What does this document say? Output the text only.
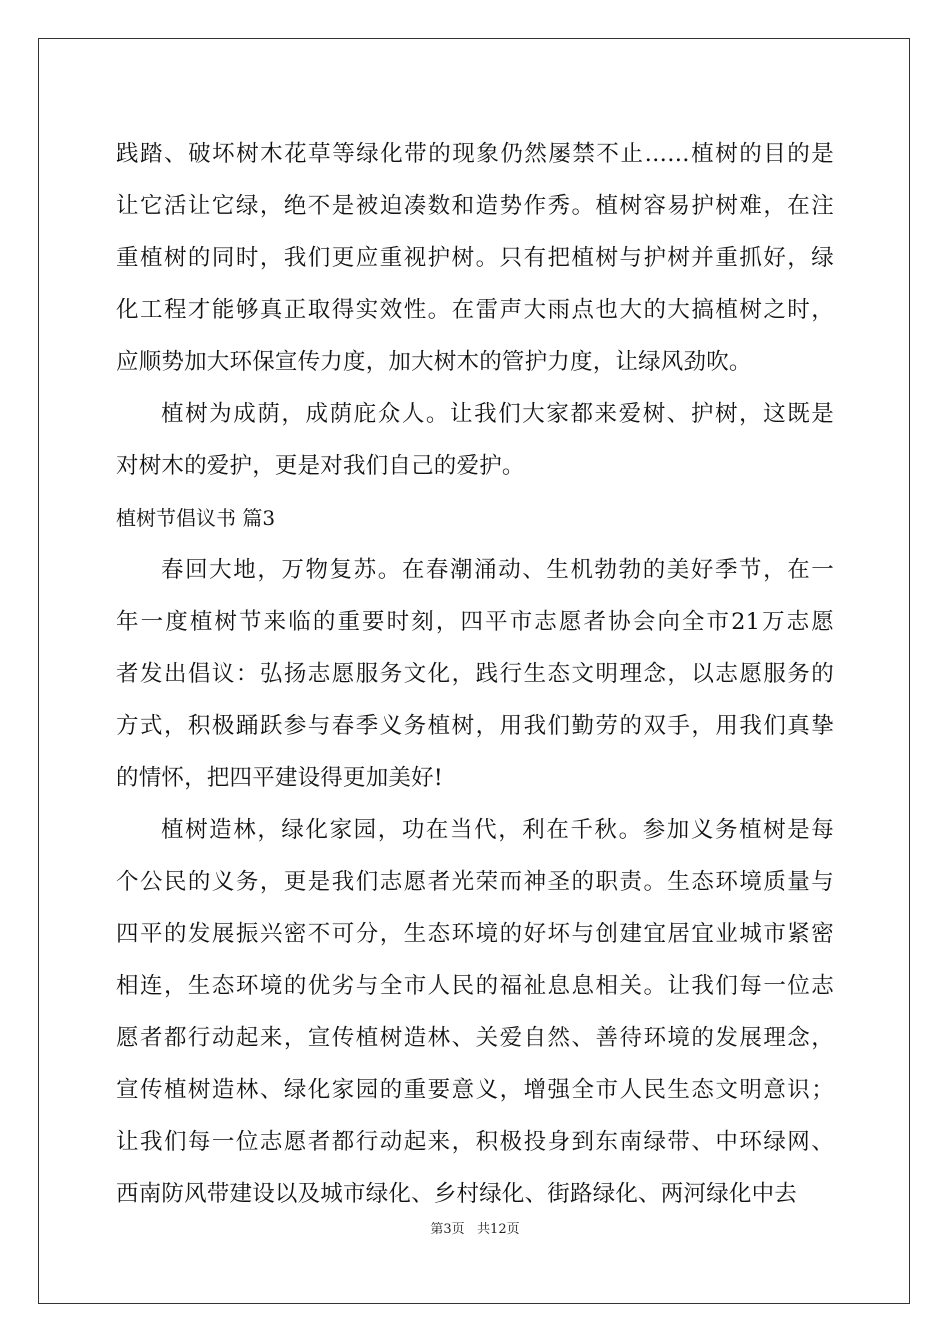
践踏、破坏树木花草等绿化带的现象仍然屡禁不止……植树的目的是
让它活让它绿，绝不是被迫凑数和造势作秀。植树容易护树难，在注
重植树的同时，我们更应重视护树。只有把植树与护树并重抓好，绿
化工程才能够真正取得实效性。在雷声大雨点也大的大搞植树之时，
应顺势加大环保宣传力度，加大树木的管护力度，让绿风劲吹。
植树为成荫，成荫庇众人。让我们大家都来爱树、护树，这既是
对树木的爱护，更是对我们自己的爱护。
植树节倡议书 篇3
春回大地，万物复苏。在春潮涌动、生机勃勃的美好季节，在一
年一度植树节来临的重要时刻，四平市志愿者协会向全市21万志愿
者发出倡议：弘扬志愿服务文化，践行生态文明理念，以志愿服务的
方式，积极踊跃参与春季义务植树，用我们勤劳的双手，用我们真挚
的情怀，把四平建设得更加美好!
植树造林，绿化家园，功在当代，利在千秋。参加义务植树是每
个公民的义务，更是我们志愿者光荣而神圣的职责。生态环境质量与
四平的发展振兴密不可分，生态环境的好坏与创建宜居宜业城市紧密
相连，生态环境的优劣与全市人民的福祉息息相关。让我们每一位志
愿者都行动起来，宣传植树造林、关爱自然、善待环境的发展理念，
宣传植树造林、绿化家园的重要意义，增强全市人民生态文明意识；
让我们每一位志愿者都行动起来，积极投身到东南绿带、中环绿网、
西南防风带建设以及城市绿化、乡村绿化、街路绿化、两河绿化中去
第3页   共12页
